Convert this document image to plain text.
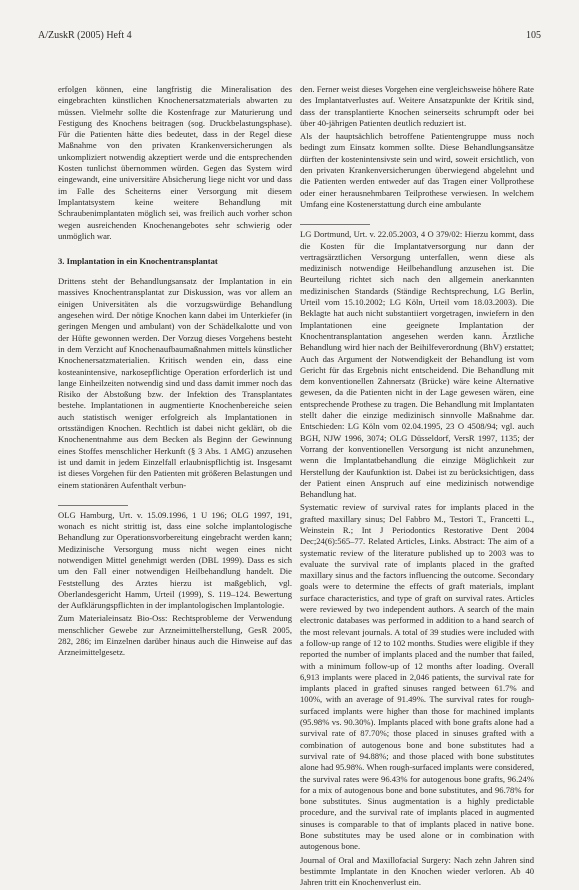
A/ZuskR (2005) Heft 4	105

erfolgen können, eine langfristig die Mineralisation des eingebrachten künstlichen Knochenersatzmaterials abwarten zu müssen. Vielmehr sollte die Kostenfrage zur Maturierung und Festigung des Knochens beitragen (sog. Druckbelastungsphase). Für die Patienten hätte dies bedeutet, dass in der Regel diese Maßnahme von den privaten Krankenversicherungen als unkompliziert notwendig akzeptiert werde und die entsprechenden Kosten tunlichst übernommen würden. Gegen das System wird eingewandt, eine universitäre Absicherung liege nicht vor und dass im Falle des Scheiterns einer Versorgung mit diesem Implantatsystem keine weitere Behandlung mit Schraubenimplantaten möglich sei, was freilich auch vorher schon wegen ausreichenden Knochenangebotes sehr schwierig oder unmöglich war.

3. Implantation in ein Knochentransplantat

Drittens steht der Behandlungsansatz der Implantation in ein massives Knochentransplantat zur Diskussion, was vor allem an einigen Universitäten als die vorzugswürdige Behandlung angesehen wird. Der nötige Knochen kann dabei im Unterkiefer (in geringen Mengen und ambulant) von der Schädelkalotte und von der Hüfte gewonnen werden. Der Vorzug dieses Vorgehens besteht in dem Verzicht auf Knochenaufbaumaßnahmen mittels künstlicher Knochenersatzmaterialien. Kritisch wenden ein, dass eine kosteanintensive, narkosepflichtige Operation erforderlich ist und lange Einheilzeiten notwendig sind und dass damit immer noch das Risiko der Abstoßung bzw. der Infektion des Transplantates bestehe. Implantationen in augmentierte Knochenbereiche seien auch statistisch weniger erfolgreich als Implantationen in ortsständigen Knochen. Rechtlich ist dabei nicht geklärt, ob die Knochenentnahme aus dem Becken als Beginn der Gewinnung eines Stoffes menschlicher Herkunft (§ 3 Abs. 1 AMG) anzusehen ist und damit in jedem Einzelfall erlaubnispflichtig ist. Insgesamt ist dieses Vorgehen für den Patienten mit größeren Belastungen und einem stationären Aufenthalt verbun-

OLG Hamburg, Urt. v. 15.09.1996, 1 U 196; OLG 1997, 191, wonach es nicht strittig ist, dass eine solche implantologische Behandlung zur Operationsvorbereitung eingebracht werden kann; Medizinische Versorgung muss nicht wegen eines nicht notwendigen Mittel genehmigt werden (DBL 1999). Dass es sich um den Fall einer notwendigen Heilbehandlung handelt. Die Feststellung des Arztes hierzu ist maßgeblich, vgl. Oberlandesgericht Hamm, Urteil (1999), S. 119–124. Bewertung der Aufklärungspflichten in der implantologischen Implantologie.

Zum Materialeinsatz Bio-Oss: Rechtsprobleme der Verwendung menschlicher Gewebe zur Arzneimittelherstellung, GesR 2005, 282, 286; im Einzelnen darüber hinaus auch die Hinweise auf das Arzneimittelgesetz.

den. Ferner weist dieses Vorgehen eine vergleichsweise höhere Rate des Implantatverlustes auf. Weitere Ansatzpunkte der Kritik sind, dass der transplantierte Knochen seinerseits schrumpft oder bei über 40-jährigen Patienten deutlich reduziert ist.

Als der hauptsächlich betroffene Patientengruppe muss noch bedingt zum Einsatz kommen sollte. Diese Behandlungsansätze dürften der kostenintensivste sein und wird, soweit ersichtlich, von den privaten Krankenversicherungen überwiegend abgelehnt und die Patienten werden entweder auf das Tragen einer Vollprothese oder einer herausnehmbaren Teilprothese verwiesen. In welchem Umfang eine Kostenerstattung durch eine ambulante

LG Dortmund, Urt. v. 22.05.2003, 4 O 379/02: Hierzu kommt, dass die Kosten für die Implantatversorgung nur dann der vertragsärztlichen Versorgung unterfallen, wenn diese als medizinisch notwendige Heilbehandlung anzusehen ist. Die Beurteilung richtet sich nach den allgemein anerkannten medizinischen Standards (Ständige Rechtsprechung, LG Berlin, Urteil vom 15.10.2002; LG Köln, Urteil vom 18.03.2003). Die Beklagte hat auch nicht substantiiert vorgetragen, inwiefern in den Implantationen eine geeignete Implantation der Knochentransplantation angesehen werden kann. Ärztliche Behandlung wird hier nach der Beihilfeverordnung (BhV) erstattet; Auch das Argument der Notwendigkeit der Behandlung ist vom Gericht für das Ergebnis nicht entscheidend. Die Behandlung mit dem konventionellen Zahnersatz (Brücke) wäre keine Alternative gewesen, da die Patienten nicht in der Lage gewesen wären, eine entsprechende Prothese zu tragen. Die Behandlung mit Implantaten stellt daher die einzige medizinisch sinnvolle Maßnahme dar. Entschieden: LG Köln vom 02.04.1995, 23 O 4508/94; vgl. auch BGH, NJW 1996, 3074; OLG Düsseldorf, VersR 1997, 1135; der Vorrang der konventionellen Versorgung ist nicht anzunehmen, wenn die Implantatbehandlung die einzige Möglichkeit zur Herstellung der Kaufunktion ist. Dabei ist zu berücksichtigen, dass der Patient einen Anspruch auf eine medizinisch notwendige Behandlung hat.

Systematic review of survival rates for implants placed in the grafted maxillary sinus; Del Fabbro M., Testori T., Francetti L., Weinstein R.; Int J Periodontics Restorative Dent 2004 Dec;24(6):565–77. Related Articles, Links. Abstract: The aim of a systematic review of the literature published up to 2003 was to evaluate the survival rate of implants placed in the grafted maxillary sinus and the factors influencing the outcome. Secondary goals were to determine the effects of graft materials, implant surface characteristics, and type of graft on survival rates. Articles were reviewed by two independent authors. A search of the main electronic databases was performed in addition to a hand search of the most relevant journals. A total of 39 studies were included with a follow-up range of 12 to 102 months. Studies were eligible if they reported the number of implants placed and the number that failed, with a minimum follow-up of 12 months after loading. Overall 6,913 implants were placed in 2,046 patients, the survival rate for implants placed in grafted sinuses ranged between 61.7% and 100%, with an average of 91.49%. The survival rates for rough-surfaced implants were higher than those for machined implants (95.98% vs. 90.30%). Implants placed with bone grafts alone had a survival rate of 87.70%; those placed in sinuses grafted with a combination of autogenous bone and bone substitutes had a survival rate of 94.88%; and those placed with bone substitutes alone had 95.98%. When rough-surfaced implants were considered, the survival rates were 96.43% for autogenous bone grafts, 96.24% for a mix of autogenous bone and bone substitutes, and 96.78% for bone substitutes. Sinus augmentation is a highly predictable procedure, and the survival rate of implants placed in augmented sinuses is comparable to that of implants placed in native bone. Bone substitutes may be used alone or in combination with autogenous bone.

Journal of Oral and Maxillofacial Surgery: Nach zehn Jahren sind bestimmte Implantate in den Knochen wieder verloren. Ab 40 Jahren tritt ein Knochenverlust ein.
